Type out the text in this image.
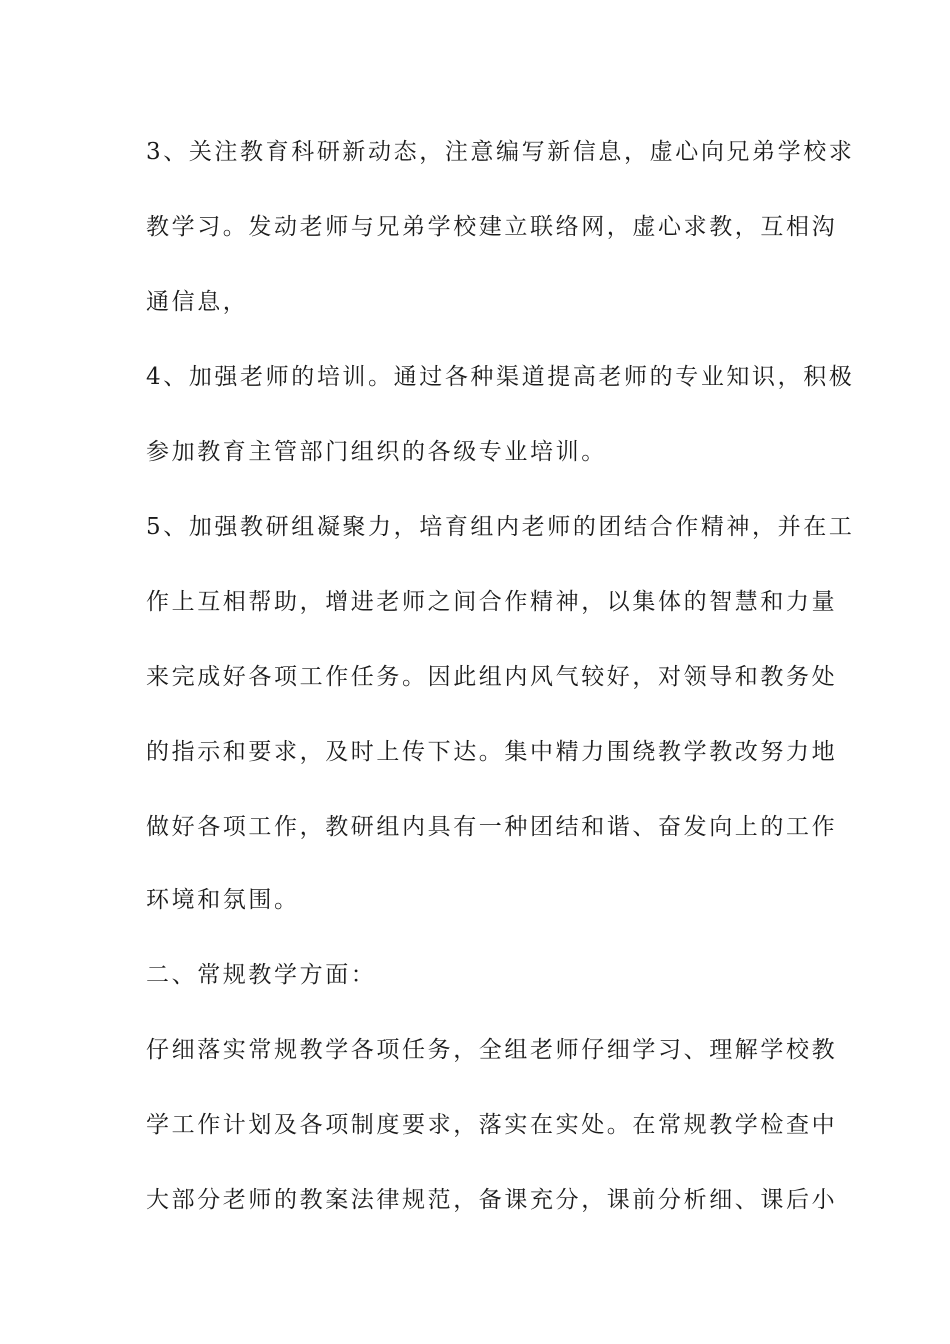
3、关注教育科研新动态，注意编写新信息，虚心向兄弟学校求
教学习。发动老师与兄弟学校建立联络网，虚心求教，互相沟
通信息，
4、加强老师的培训。通过各种渠道提高老师的专业知识，积极
参加教育主管部门组织的各级专业培训。
5、加强教研组凝聚力，培育组内老师的团结合作精神，并在工
作上互相帮助，增进老师之间合作精神，以集体的智慧和力量
来完成好各项工作任务。因此组内风气较好，对领导和教务处
的指示和要求，及时上传下达。集中精力围绕教学教改努力地
做好各项工作，教研组内具有一种团结和谐、奋发向上的工作
环境和氛围。
二、常规教学方面：
仔细落实常规教学各项任务，全组老师仔细学习、理解学校教
学工作计划及各项制度要求，落实在实处。在常规教学检查中
大部分老师的教案法律规范，备课充分，课前分析细、课后小
